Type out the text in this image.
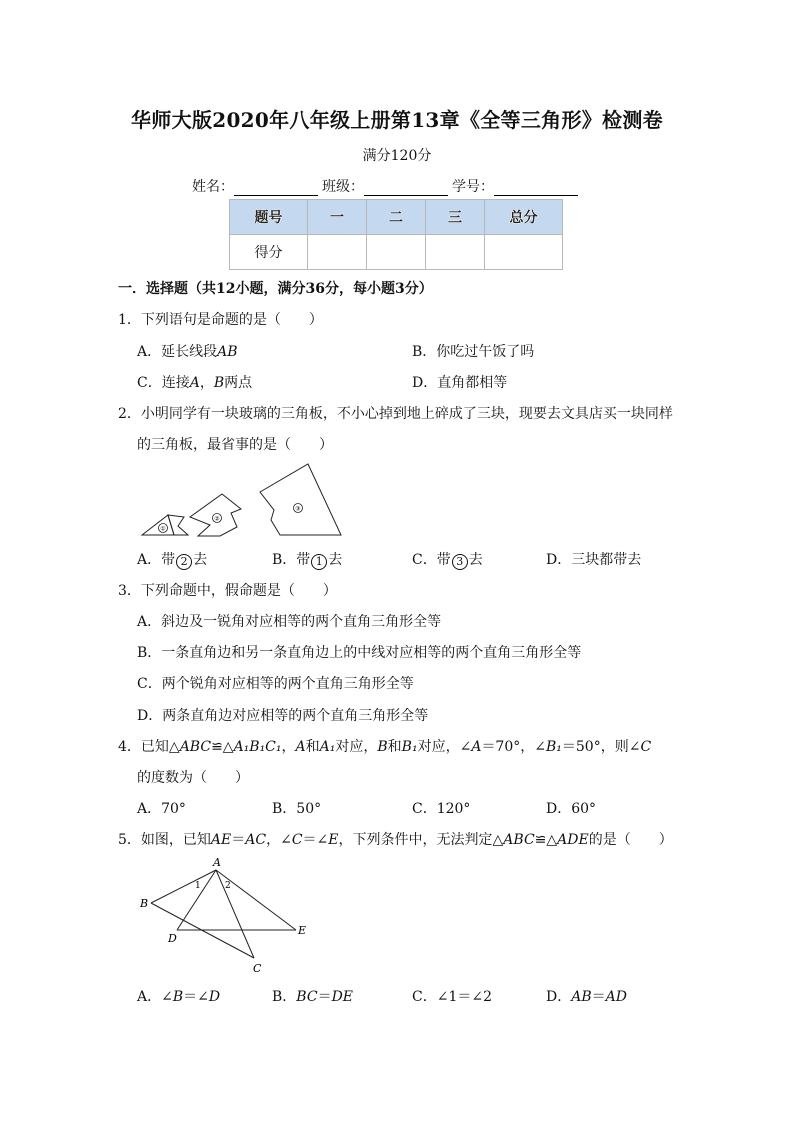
华师大版2020年八年级上册第13章《全等三角形》检测卷
满分120分
姓名：	班级：	学号：
题号	一	二	三	总分
得分				
一．选择题（共12小题，满分36分，每小题3分）
1．下列语句是命题的是（　　）
A．延长线段AB	B．你吃过午饭了吗
C．连接A，B两点	D．直角都相等
2．小明同学有一块玻璃的三角板，不小心掉到地上碎成了三块，现要去文具店买一块同样
的三角板，最省事的是（　　）
①
②
③
A．带 2 去	B．带 1 去	C．带 3 去	D．三块都带去
3．下列命题中，假命题是（　　）
A．斜边及一锐角对应相等的两个直角三角形全等
B．一条直角边和另一条直角边上的中线对应相等的两个直角三角形全等
C．两个锐角对应相等的两个直角三角形全等
D．两条直角边对应相等的两个直角三角形全等
4．已知△ABC≌△A₁B₁C₁，A和A₁对应，B和B₁对应，∠A＝70°，∠B₁＝50°，则∠C
的度数为（　　）
A．70°	B．50°	C．120°	D．60°
5．如图，已知AE＝AC，∠C＝∠E，下列条件中，无法判定△ABC≌△ADE的是（　　）
A
B
D
E
C
1	2
A．∠B＝∠D	B．BC＝DE	C．∠1＝∠2	D．AB＝AD
